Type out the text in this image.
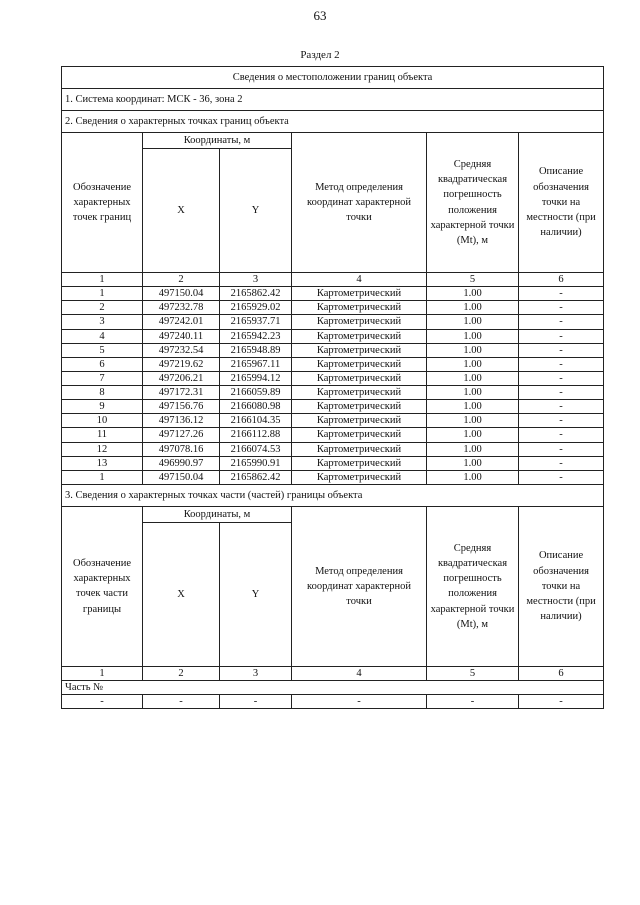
63
Раздел 2
Сведения о местоположении границ объекта					
1. Система координат: МСК - 36, зона 2					
2. Сведения о характерных точках границ объекта					
Обозначение характерных точек границ	Координаты, м		Метод определения координат характерной точки	Средняя квадратическая погрешность положения характерной точки (Mt), м	Описание обозначения точки на местности (при наличии)
	X	Y			
1	2	3	4	5	6
1	497150.04	2165862.42	Картометрический	1.00	-
2	497232.78	2165929.02	Картометрический	1.00	-
3	497242.01	2165937.71	Картометрический	1.00	-
4	497240.11	2165942.23	Картометрический	1.00	-
5	497232.54	2165948.89	Картометрический	1.00	-
6	497219.62	2165967.11	Картометрический	1.00	-
7	497206.21	2165994.12	Картометрический	1.00	-
8	497172.31	2166059.89	Картометрический	1.00	-
9	497156.76	2166080.98	Картометрический	1.00	-
10	497136.12	2166104.35	Картометрический	1.00	-
11	497127.26	2166112.88	Картометрический	1.00	-
12	497078.16	2166074.53	Картометрический	1.00	-
13	496990.97	2165990.91	Картометрический	1.00	-
1	497150.04	2165862.42	Картометрический	1.00	-
3. Сведения о характерных точках части (частей) границы объекта					
Обозначение характерных точек части границы	Координаты, м		Метод определения координат характерной точки	Средняя квадратическая погрешность положения характерной точки (Mt), м	Описание обозначения точки на местности (при наличии)
	X	Y			
1	2	3	4	5	6
Часть №					
-	-	-	-	-	-
